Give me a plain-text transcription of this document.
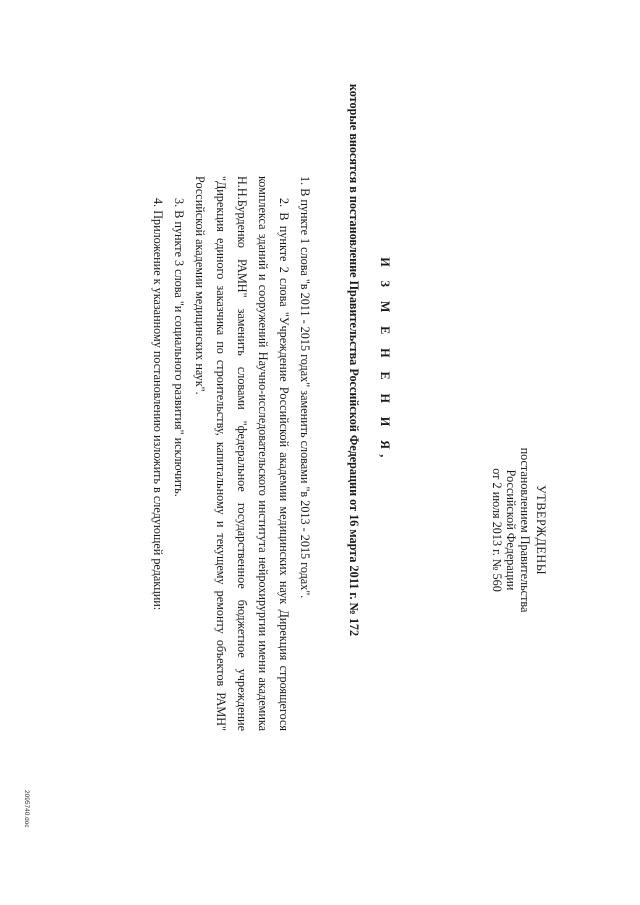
УТВЕРЖДЕНЫ
постановлением Правительства
Российской Федерации
от 2 июля 2013 г. № 560
И З М Е Н Е Н И Я,
которые вносятся в постановление Правительства Российской Федерации от 16 марта 2011 г. № 172

1. В пункте 1 слова "в 2011 - 2015 годах" заменить словами "в 2013 - 2015 годах".

2. В пункте 2 слова "Учреждение Российской академии медицинских наук Дирекция строящегося комплекса зданий и сооружений Научно-исследовательского института нейрохирургии имени академика Н.Н.Бурденко РАМН" заменить словами "федеральное государственное бюджетное учреждение "Дирекция единого заказчика по строительству, капитальному и текущему ремонту объектов РАМН" Российской академии медицинских наук".

3. В пункте 3 слова "и социального развития" исключить.

4. Приложение к указанному постановлению изложить в следующей редакции:

2095740.doc
